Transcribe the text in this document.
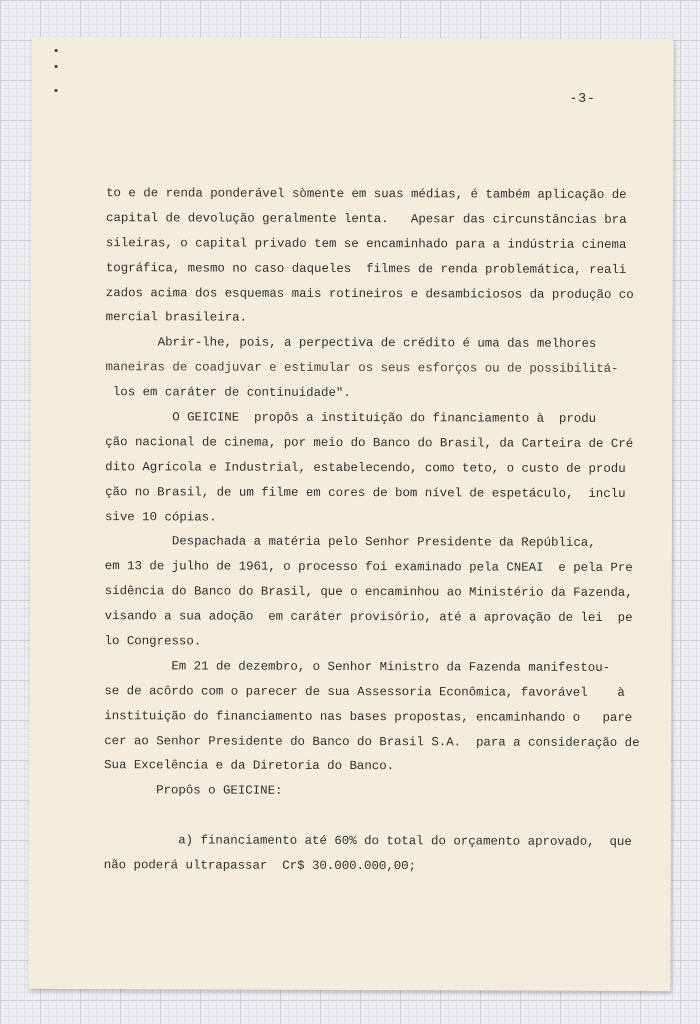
-3-
to e de renda ponderável sòmente em suas médias, é também aplicação de
capital de devolução geralmente lenta.   Apesar das circunstâncias bra
sileiras, o capital privado tem se encaminhado para a indústria cinema
tográfica, mesmo no caso daqueles  filmes de renda problemática, reali
zados acima dos esquemas mais rotineiros e desambiciosos da produção co
mercial brasileira.
Abrir-lhe, pois, a perpectiva de crédito é uma das melhores
maneiras de coadjuvar e estimular os seus esforços ou de possibilitá-
los em caráter de continuidade".
O GEICINE  propôs a instituição do financiamento à  produ
ção nacional de cinema, por meio do Banco do Brasil, da Carteira de Cré
dito Agrícola e Industrial, estabelecendo, como teto, o custo de produ
ção no Brasil, de um filme em cores de bom nível de espetáculo,  inclu
sive 10 cópias.
Despachada a matéria pelo Senhor Presidente da República,
em 13 de julho de 1961, o processo foi examinado pela CNEAI  e pela Pre
sidência do Banco do Brasil, que o encaminhou ao Ministério da Fazenda,
visando a sua adoção  em caráter provisório, até a aprovação de lei  pe
lo Congresso.
Em 21 de dezembro, o Senhor Ministro da Fazenda manifestou-
se de acôrdo com o parecer de sua Assessoria Econômica, favorável    à
instituição do financiamento nas bases propostas, encaminhando o   pare
cer ao Senhor Presidente do Banco do Brasil S.A.  para a consideração de
Sua Excelência e da Diretoria do Banco.
Propôs o GEICINE:
a) financiamento até 60% do total do orçamento aprovado,  que
não poderá ultrapassar  Cr$ 30.000.000,00;
